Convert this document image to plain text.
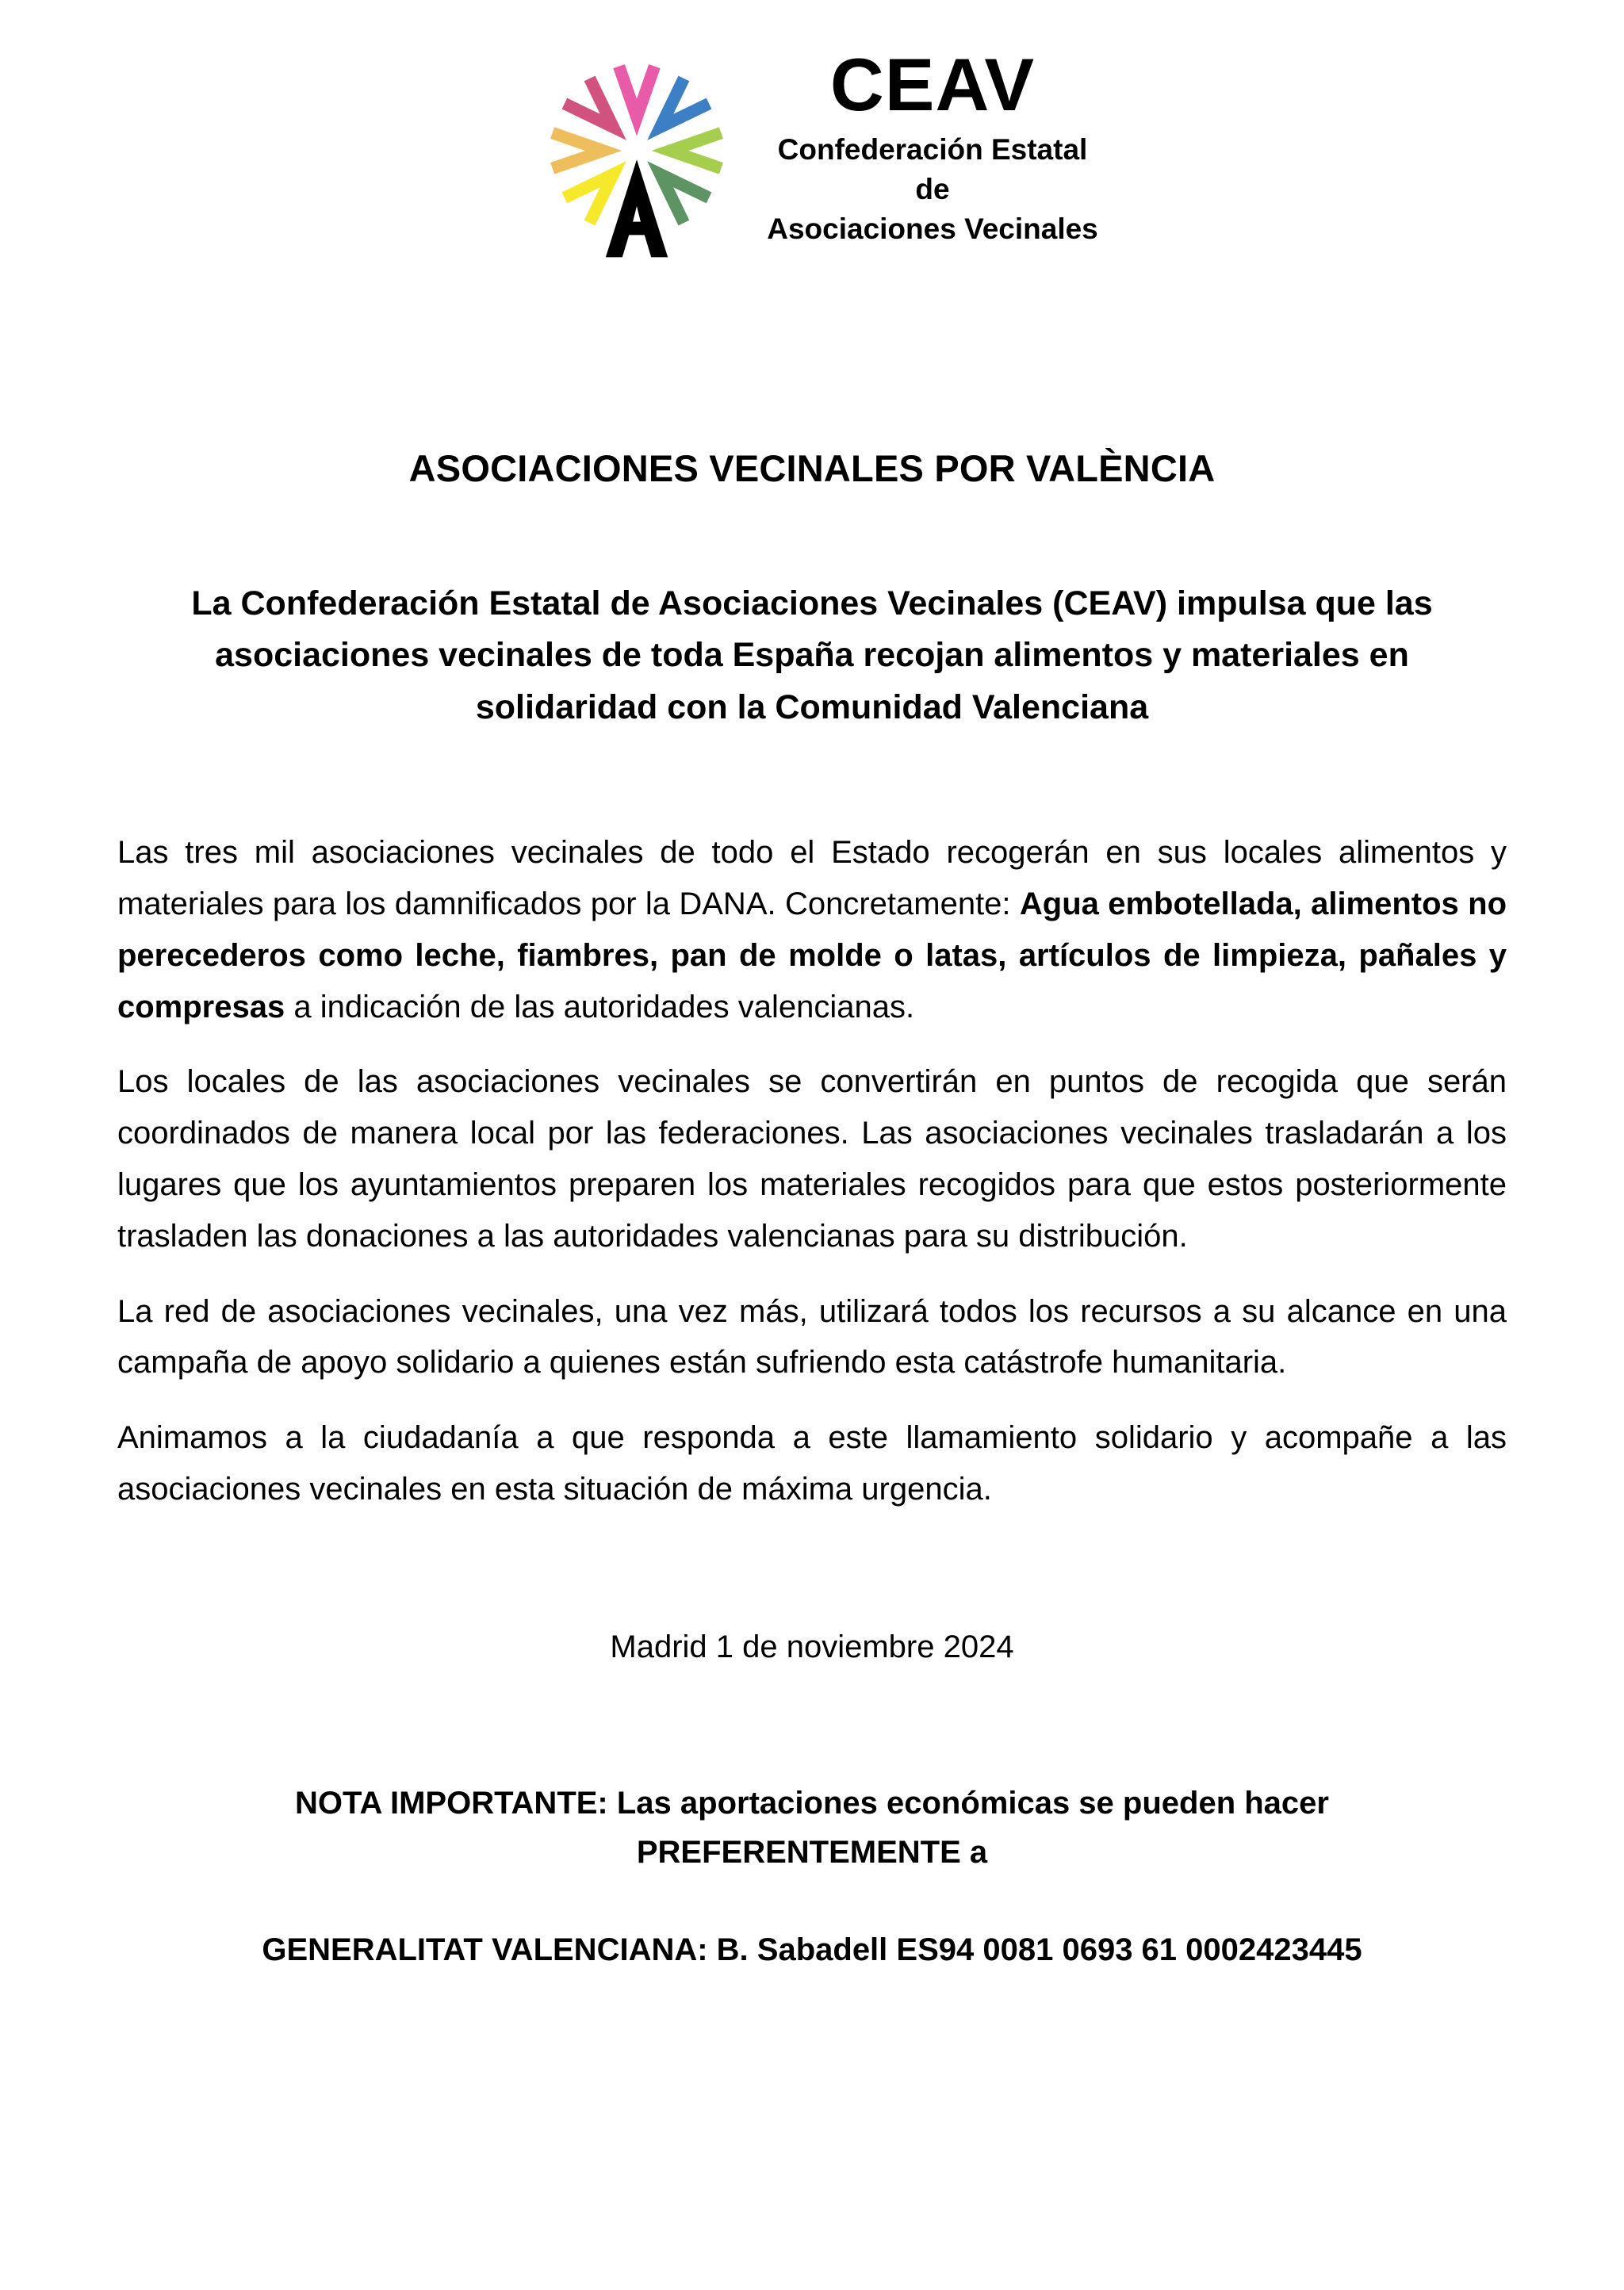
CEAV
Confederación Estatal
de
Asociaciones Vecinales
ASOCIACIONES VECINALES POR VALÈNCIA
La Confederación Estatal de Asociaciones Vecinales (CEAV) impulsa que las asociaciones vecinales de toda España recojan alimentos y materiales en solidaridad con la Comunidad Valenciana

Las tres mil asociaciones vecinales de todo el Estado recogerán en sus locales alimentos y materiales para los damnificados por la DANA. Concretamente: Agua embotellada, alimentos no perecederos como leche, fiambres, pan de molde o latas, artículos de limpieza, pañales y compresas a indicación de las autoridades valencianas.

Los locales de las asociaciones vecinales se convertirán en puntos de recogida que serán coordinados de manera local por las federaciones. Las asociaciones vecinales trasladarán a los lugares que los ayuntamientos preparen los materiales recogidos para que estos posteriormente trasladen las donaciones a las autoridades valencianas para su distribución.

La red de asociaciones vecinales, una vez más, utilizará todos los recursos a su alcance en una campaña de apoyo solidario a quienes están sufriendo esta catástrofe humanitaria.

Animamos a la ciudadanía a que responda a este llamamiento solidario y acompañe a las asociaciones vecinales en esta situación de máxima urgencia.

Madrid 1 de noviembre 2024

NOTA IMPORTANTE: Las aportaciones económicas se pueden hacer
PREFERENTEMENTE a

GENERALITAT VALENCIANA: B. Sabadell ES94 0081 0693 61 0002423445
